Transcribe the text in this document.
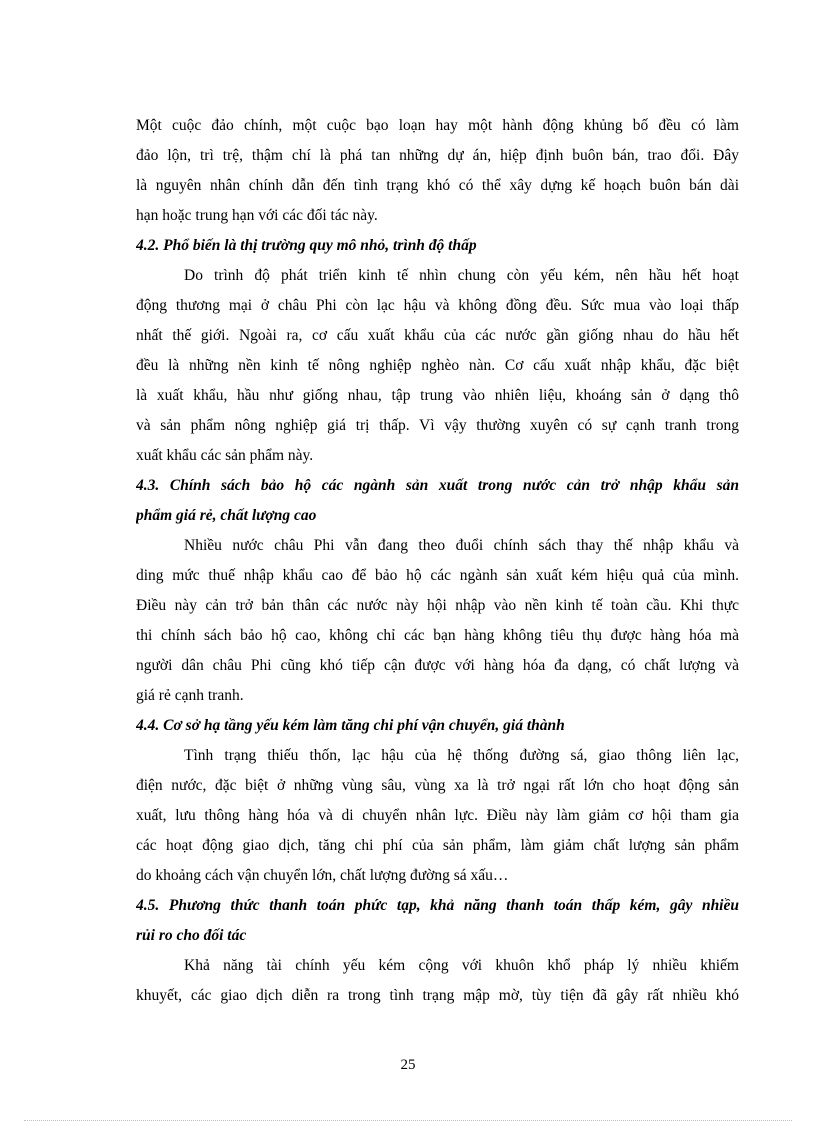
Một cuộc đảo chính, một cuộc bạo loạn hay một hành động khủng bố đều có làm
đảo lộn, trì trệ, thậm chí là phá tan những dự án, hiệp định buôn bán, trao đổi. Đây
là nguyên nhân chính dẫn đến tình trạng khó có thể xây dựng kế hoạch buôn bán dài
hạn hoặc trung hạn với các đối tác này.
4.2. Phổ biến là thị trường quy mô nhỏ, trình độ thấp
Do trình độ phát triển kinh tế nhìn chung còn yếu kém, nên hầu hết hoạt
động thương mại ở châu Phi còn lạc hậu và không đồng đều. Sức mua vào loại thấp
nhất thế giới. Ngoài ra, cơ cấu xuất khẩu của các nước gần giống nhau do hầu hết
đều là những nền kinh tế nông nghiệp nghèo nàn. Cơ cấu xuất nhập khẩu, đặc biệt
là xuất khẩu, hầu như giống nhau, tập trung vào nhiên liệu, khoáng sản ở dạng thô
và sản phẩm nông nghiệp giá trị thấp. Vì vậy thường xuyên có sự cạnh tranh trong
xuất khẩu các sản phẩm này.
4.3. Chính sách bảo hộ các ngành sản xuất trong nước cản trở nhập khẩu sản
phẩm giá rẻ, chất lượng cao
Nhiều nước châu Phi vẫn đang theo đuổi chính sách thay thế nhập khẩu và
ding mức thuế nhập khẩu cao để bảo hộ các ngành sản xuất kém hiệu quả của mình.
Điều này cản trở bản thân các nước này hội nhập vào nền kinh tế toàn cầu. Khi thực
thi chính sách bảo hộ cao, không chỉ các bạn hàng không tiêu thụ được hàng hóa mà
người dân châu Phi cũng khó tiếp cận được với hàng hóa đa dạng, có chất lượng và
giá rẻ cạnh tranh.
4.4. Cơ sở hạ tầng yếu kém làm tăng chi phí vận chuyển, giá thành
Tình trạng thiếu thốn, lạc hậu của hệ thống đường sá, giao thông liên lạc,
điện nước, đặc biệt ở những vùng sâu, vùng xa là trở ngại rất lớn cho hoạt động sản
xuất, lưu thông hàng hóa và di chuyển nhân lực. Điều này làm giảm cơ hội tham gia
các hoạt động giao dịch, tăng chi phí của sản phẩm, làm giảm chất lượng sản phẩm
do khoảng cách vận chuyển lớn, chất lượng đường sá xấu…
4.5. Phương thức thanh toán phức tạp, khả năng thanh toán thấp kém, gây nhiều
rủi ro cho đối tác
Khả năng tài chính yếu kém cộng với khuôn khổ pháp lý nhiều khiếm
khuyết, các giao dịch diễn ra trong tình trạng mập mờ, tùy tiện đã gây rất nhiều khó
25
